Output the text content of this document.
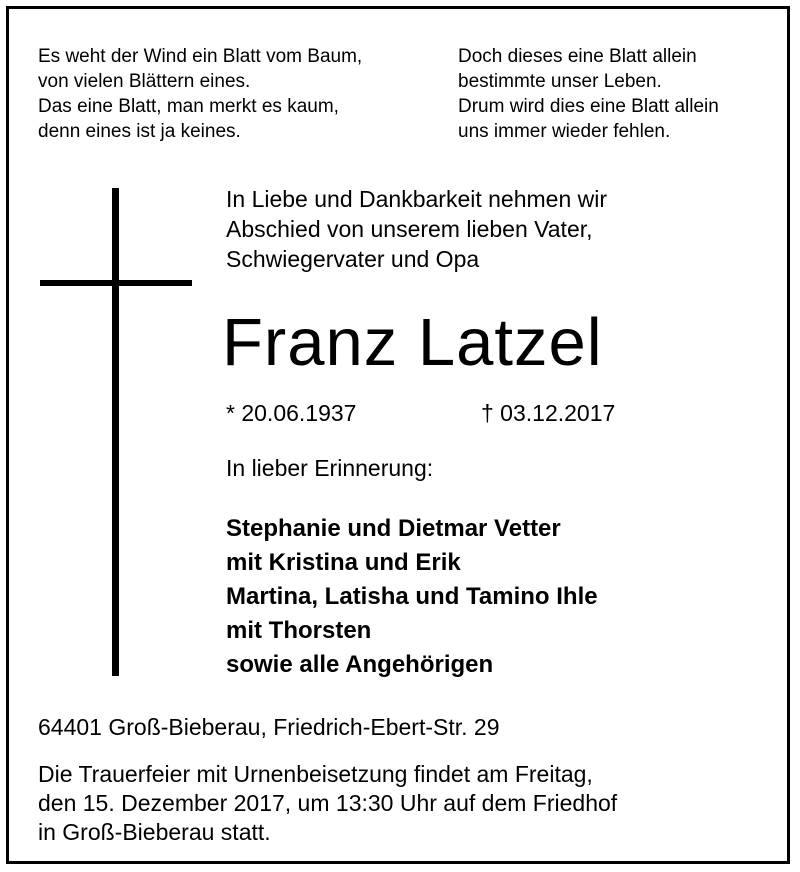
Es weht der Wind ein Blatt vom Baum,
von vielen Blättern eines.
Das eine Blatt, man merkt es kaum,
denn eines ist ja keines.
Doch dieses eine Blatt allein
bestimmte unser Leben.
Drum wird dies eine Blatt allein
uns immer wieder fehlen.
In Liebe und Dankbarkeit nehmen wir
Abschied von unserem lieben Vater,
Schwiegervater und Opa
Franz Latzel
* 20.06.1937	† 03.12.2017
In lieber Erinnerung:
Stephanie und Dietmar Vetter
mit Kristina und Erik
Martina, Latisha und Tamino Ihle
mit Thorsten
sowie alle Angehörigen
64401 Groß-Bieberau, Friedrich-Ebert-Str. 29
Die Trauerfeier mit Urnenbeisetzung findet am Freitag,
den 15. Dezember 2017, um 13:30 Uhr auf dem Friedhof
in Groß-Bieberau statt.
